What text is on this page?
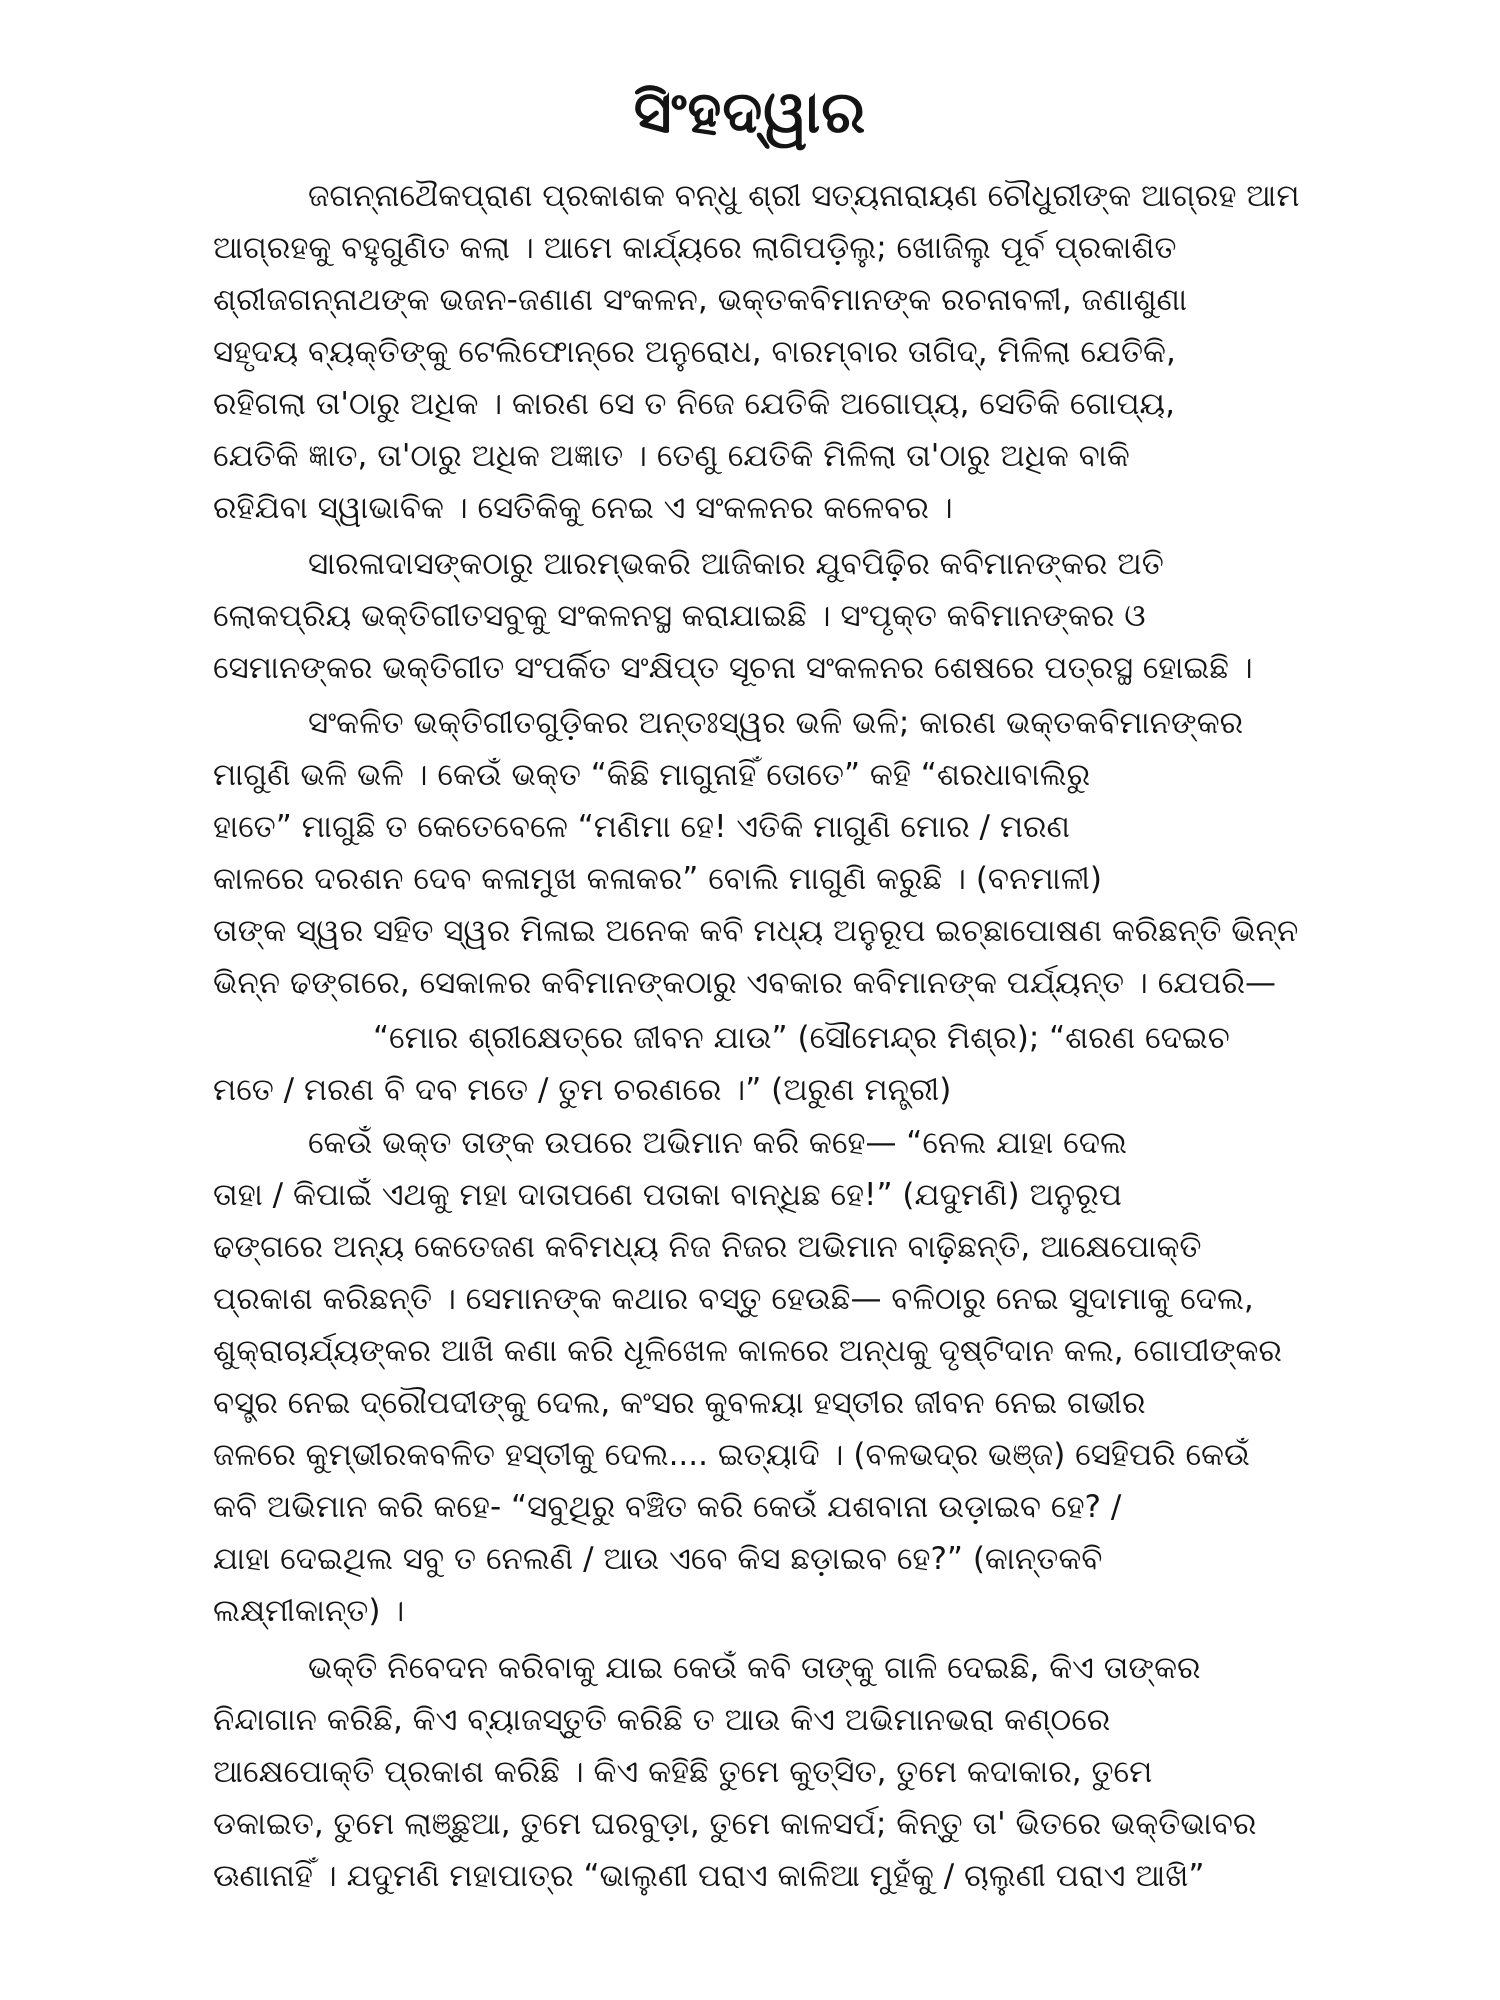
ସିଂହଦ୍ୱାର
ଜଗନ୍ନାଥୈକପ୍ରାଣ ପ୍ରକାଶକ ବନ୍ଧୁ ଶ୍ରୀ ସତ୍ୟନାରାୟଣ ଚୌଧୁରୀଙ୍କ ଆଗ୍ରହ ଆମ
ଆଗ୍ରହକୁ ବହୁଗୁଣିତ କଲା । ଆମେ କାର୍ଯ୍ୟରେ ଲାଗିପଡ଼ିଲୁ; ଖୋଜିଲୁ ପୂର୍ବ ପ୍ରକାଶିତ
ଶ୍ରୀଜଗନ୍ନାଥଙ୍କ ଭଜନ-ଜଣାଣ ସଂକଳନ, ଭକ୍ତକବିମାନଙ୍କ ରଚନାବଳୀ, ଜଣାଶୁଣା
ସହୃଦୟ ବ୍ୟକ୍ତିଙ୍କୁ ଟେଲିଫୋନ୍‌ରେ ଅନୁରୋଧ, ବାରମ୍ବାର ତାଗିଦ୍, ମିଳିଲା ଯେତିକି,
ରହିଗଲା ତା'ଠାରୁ ଅଧିକ । କାରଣ ସେ ତ ନିଜେ ଯେତିକି ଅଗୋପ୍ୟ, ସେତିକି ଗୋପ୍ୟ,
ଯେତିକି ଜ୍ଞାତ, ତା'ଠାରୁ ଅଧିକ ଅଜ୍ଞାତ । ତେଣୁ ଯେତିକି ମିଳିଲା ତା'ଠାରୁ ଅଧିକ ବାକି
ରହିଯିବା ସ୍ୱାଭାବିକ । ସେତିକିକୁ ନେଇ ଏ ସଂକଳନର କଳେବର ।
ସାରଳାଦାସଙ୍କଠାରୁ ଆରମ୍ଭକରି ଆଜିକାର ଯୁବପିଢ଼ିର କବିମାନଙ୍କର ଅତି
ଲୋକପ୍ରିୟ ଭକ୍ତିଗୀତସବୁକୁ ସଂକଳନସ୍ଥ କରାଯାଇଛି । ସଂପୃକ୍ତ କବିମାନଙ୍କର ଓ
ସେମାନଙ୍କର ଭକ୍ତିଗୀତ ସଂପର୍କିତ ସଂକ୍ଷିପ୍ତ ସୂଚନା ସଂକଳନର ଶେଷରେ ପତ୍ରସ୍ଥ ହୋଇଛି ।
ସଂକଳିତ ଭକ୍ତିଗୀତଗୁଡ଼ିକର ଅନ୍ତଃସ୍ୱର ଭଳି ଭଳି; କାରଣ ଭକ୍ତକବିମାନଙ୍କର
ମାଗୁଣି ଭଳି ଭଳି । କେଉଁ ଭକ୍ତ “କିଛି ମାଗୁନାହିଁ ତୋତେ” କହି “ଶରଧାବାଲିରୁ
ହାତେ” ମାଗୁଛି ତ କେତେବେଳେ “ମଣିମା ହେ! ଏତିକି ମାଗୁଣି ମୋର / ମରଣ
କାଳରେ ଦରଶନ ଦେବ କଳାମୁଖ କଳାକର” ବୋଲି ମାଗୁଣି କରୁଛି । (ବନମାଳୀ)
ତାଙ୍କ ସ୍ୱର ସହିତ ସ୍ୱର ମିଳାଇ ଅନେକ କବି ମଧ୍ୟ ଅନୁରୂପ ଇଚ୍ଛାପୋଷଣ କରିଛନ୍ତି ଭିନ୍ନ
ଭିନ୍ନ ଢଙ୍ଗରେ, ସେକାଳର କବିମାନଙ୍କଠାରୁ ଏବକାର କବିମାନଙ୍କ ପର୍ଯ୍ୟନ୍ତ । ଯେପରି—
“ମୋର ଶ୍ରୀକ୍ଷେତ୍ରେ ଜୀବନ ଯାଉ” (ସୌମେନ୍ଦ୍ର ମିଶ୍ର); “ଶରଣ ଦେଇଚ
ମତେ / ମରଣ ବି ଦବ ମତେ / ତୁମ ଚରଣରେ ।” (ଅରୁଣ ମନ୍ତ୍ରୀ)
କେଉଁ ଭକ୍ତ ତାଙ୍କ ଉପରେ ଅଭିମାନ କରି କହେ— “ନେଲ ଯାହା ଦେଲ
ତାହା / କିପାଇଁ ଏଥକୁ ମହା ଦାତାପଣେ ପତାକା ବାନ୍ଧିଛ ହେ!” (ଯଦୁମଣି) ଅନୁରୂପ
ଢଙ୍ଗରେ ଅନ୍ୟ କେତେଜଣ କବିମଧ୍ୟ ନିଜ ନିଜର ଅଭିମାନ ବାଢ଼ିଛନ୍ତି, ଆକ୍ଷେପୋକ୍ତି
ପ୍ରକାଶ କରିଛନ୍ତି । ସେମାନଙ୍କ କଥାର ବସ୍ତୁ ହେଉଛି— ବଳିଠାରୁ ନେଇ ସୁଦାମାକୁ ଦେଲ,
ଶୁକ୍ରାଚାର୍ଯ୍ୟଙ୍କର ଆଖି କଣା କରି ଧୂଳିଖେଳ କାଳରେ ଅନ୍ଧକୁ ଦୃଷ୍ଟିଦାନ କଲ, ଗୋପୀଙ୍କର
ବସ୍ତ୍ର ନେଇ ଦ୍ରୌପଦୀଙ୍କୁ ଦେଲ, କଂସର କୁବଳୟା ହସ୍ତୀର ଜୀବନ ନେଇ ଗଭୀର
ଜଳରେ କୁମ୍ଭୀରକବଳିତ ହସ୍ତୀକୁ ଦେଲ.... ଇତ୍ୟାଦି । (ବଳଭଦ୍ର ଭଞ୍ଜ) ସେହିପରି କେଉଁ
କବି ଅଭିମାନ କରି କହେ- “ସବୁଥିରୁ ବଞ୍ଚିତ କରି କେଉଁ ଯଶବାନା ଉଡ଼ାଇବ ହେ? /
ଯାହା ଦେଇଥିଲ ସବୁ ତ ନେଲଣି / ଆଉ ଏବେ କିସ ଛଡ଼ାଇବ ହେ?” (କାନ୍ତକବି
ଲକ୍ଷ୍ମୀକାନ୍ତ) ।
ଭକ୍ତି ନିବେଦନ କରିବାକୁ ଯାଇ କେଉଁ କବି ତାଙ୍କୁ ଗାଳି ଦେଇଛି, କିଏ ତାଙ୍କର
ନିନ୍ଦାଗାନ କରିଛି, କିଏ ବ୍ୟାଜସ୍ତୁତି କରିଛି ତ ଆଉ କିଏ ଅଭିମାନଭରା କଣ୍ଠରେ
ଆକ୍ଷେପୋକ୍ତି ପ୍ରକାଶ କରିଛି । କିଏ କହିଛି ତୁମେ କୁତ୍ସିତ, ତୁମେ କଦାକାର, ତୁମେ
ଡକାଇତ, ତୁମେ ଲାଞ୍ଛୁଆ, ତୁମେ ଘରବୁଡ଼ା, ତୁମେ କାଳସର୍ପ; କିନ୍ତୁ ତା' ଭିତରେ ଭକ୍ତିଭାବର
ଊଣାନାହିଁ । ଯଦୁମଣି ମହାପାତ୍ର “ଭାଲୁଣୀ ପରାଏ କାଳିଆ ମୁହଁକୁ / ଚାଲୁଣୀ ପରାଏ ଆଖି”
